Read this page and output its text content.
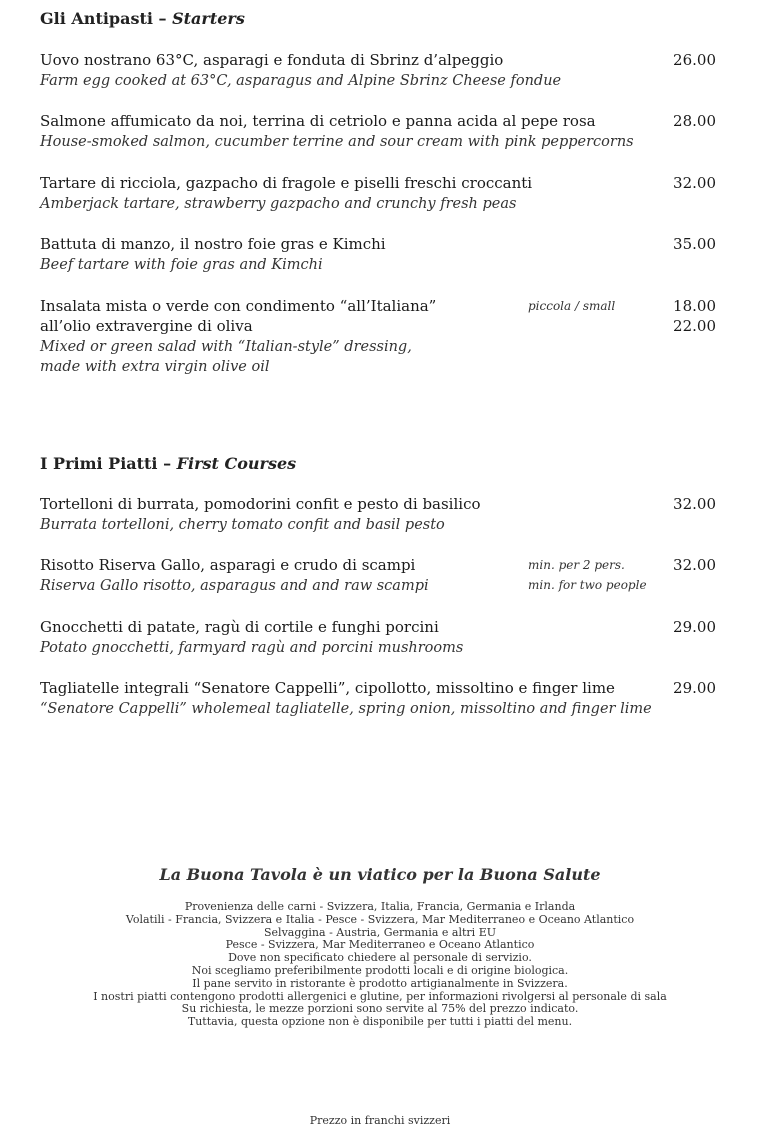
Gli Antipasti – Starters
Uovo nostrano 63°C, asparagi e fonduta di Sbrinz d’alpeggio	26.00
Farm egg cooked at 63°C, asparagus and Alpine Sbrinz Cheese fondue
Salmone affumicato da noi, terrina di cetriolo e panna acida al pepe rosa	28.00
House-smoked salmon, cucumber terrine and sour cream with pink peppercorns
Tartare di ricciola, gazpacho di fragole e piselli freschi croccanti	32.00
Amberjack tartare, strawberry gazpacho and crunchy fresh peas
Battuta di manzo, il nostro foie gras e Kimchi	35.00
Beef tartare with foie gras and Kimchi
Insalata mista o verde con condimento “all’Italiana”	piccola / small	18.00
all’olio extravergine di oliva	22.00
Mixed or green salad with “Italian-style” dressing,
made with extra virgin olive oil
I Primi Piatti – First Courses
Tortelloni di burrata, pomodorini confit e pesto di basilico	32.00
Burrata tortelloni, cherry tomato confit and basil pesto
Risotto Riserva Gallo, asparagi e crudo di scampi	min. per 2 pers.	32.00
Riserva Gallo risotto, asparagus and and raw scampi	min. for two people
Gnocchetti di patate, ragù di cortile e funghi porcini	29.00
Potato gnocchetti, farmyard ragù and porcini mushrooms
Tagliatelle integrali “Senatore Cappelli”, cipollotto, missoltino e finger lime	29.00
“Senatore Cappelli” wholemeal tagliatelle, spring onion, missoltino and finger lime
La Buona Tavola è un viatico per la Buona Salute
Provenienza delle carni - Svizzera, Italia, Francia, Germania e Irlanda
Volatili - Francia, Svizzera e Italia - Pesce - Svizzera, Mar Mediterraneo e Oceano Atlantico
Selvaggina - Austria, Germania e altri EU
Pesce - Svizzera, Mar Mediterraneo e Oceano Atlantico
Dove non specificato chiedere al personale di servizio.
Noi scegliamo preferibilmente prodotti locali e di origine biologica.
Il pane servito in ristorante è prodotto artigianalmente in Svizzera.
I nostri piatti contengono prodotti allergenici e glutine, per informazioni rivolgersi al personale di sala
Su richiesta, le mezze porzioni sono servite al 75% del prezzo indicato.
Tuttavia, questa opzione non è disponibile per tutti i piatti del menu.
Prezzo in franchi svizzeri
